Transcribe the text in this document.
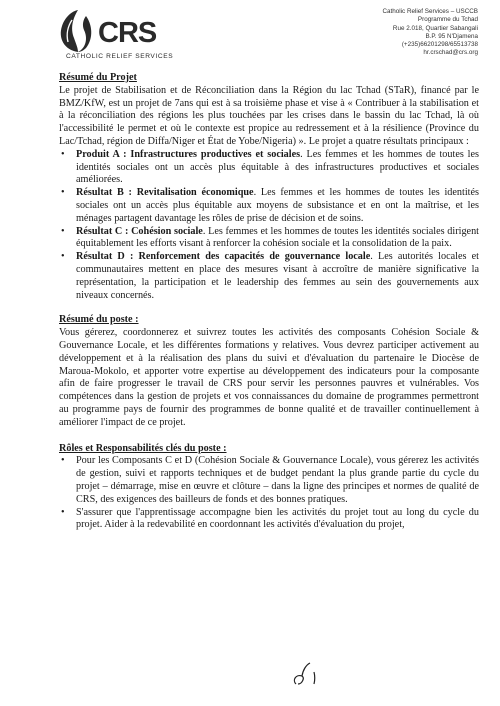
CRS
CATHOLIC RELIEF SERVICES
Catholic Relief Services – USCCB
Programme du Tchad
Rue 2.018, Quartier Sabangali
B.P. 95 N'Djamena
(+235)66201298/65513738
hr.crschad@crs.org
Résumé du Projet

Le projet de Stabilisation et de Réconciliation dans la Région du lac Tchad (STaR), financé par le BMZ/KfW, est un projet de 7ans qui est à sa troisième phase et vise à « Contribuer à la stabilisation et à la réconciliation des régions les plus touchées par les crises dans le bassin du lac Tchad, là où l'accessibilité le permet et où le contexte est propice au redressement et à la résilience (Province du Lac/Tchad, région de Diffa/Niger et État de Yobe/Nigeria) ». Le projet a quatre résultats principaux :

• Produit A : Infrastructures productives et sociales. Les femmes et les hommes de toutes les identités sociales ont un accès plus équitable à des infrastructures productives et sociales améliorées.
• Résultat B : Revitalisation économique. Les femmes et les hommes de toutes les identités sociales ont un accès plus équitable aux moyens de subsistance et en ont la maîtrise, et les ménages partagent davantage les rôles de prise de décision et de soins.
• Résultat C : Cohésion sociale. Les femmes et les hommes de toutes les identités sociales dirigent équitablement les efforts visant à renforcer la cohésion sociale et la consolidation de la paix.
• Résultat D : Renforcement des capacités de gouvernance locale. Les autorités locales et communautaires mettent en place des mesures visant à accroître de manière significative la représentation, la participation et le leadership des femmes au sein des gouvernements aux niveaux concernés.
Résumé du poste :

Vous gérerez, coordonnerez et suivrez toutes les activités des composants Cohésion Sociale & Gouvernance Locale, et les différentes formations y relatives. Vous devrez participer activement au développement et à la réalisation des plans du suivi et d'évaluation du partenaire le Diocèse de Maroua-Mokolo, et apporter votre expertise au développement des indicateurs pour la composante afin de faire progresser le travail de CRS pour servir les personnes pauvres et vulnérables. Vos compétences dans la gestion de projets et vos connaissances du domaine de programmes permettront au programme pays de fournir des programmes de bonne qualité et de travailler continuellement à améliorer l'impact de ce projet.

Rôles et Responsabilités clés du poste :
• Pour les Composants C et D (Cohésion Sociale & Gouvernance Locale), vous gérerez les activités de gestion, suivi et rapports techniques et de budget pendant la plus grande partie du cycle du projet – démarrage, mise en œuvre et clôture – dans la ligne des principes et normes de qualité de CRS, des exigences des bailleurs de fonds et des bonnes pratiques.
• S'assurer que l'apprentissage accompagne bien les activités du projet tout au long du cycle du projet. Aider à la redevabilité en coordonnant les activités d'évaluation du projet,
